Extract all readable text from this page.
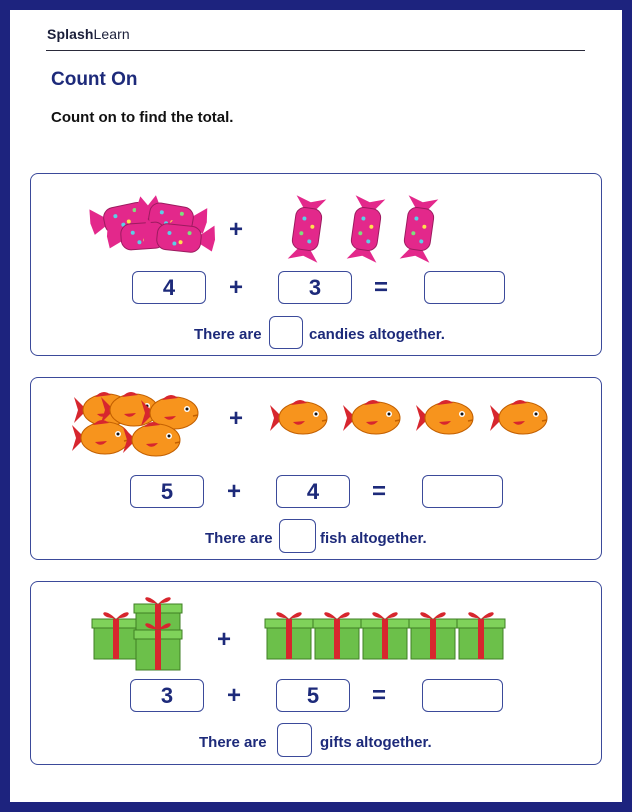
SplashLearn
Count On
Count on to find the total.
+
4	+	3	=
There are	candies altogether.
+
5	+	4	=
There are	fish altogether.
+
3	+	5	=
There are	gifts altogether.
